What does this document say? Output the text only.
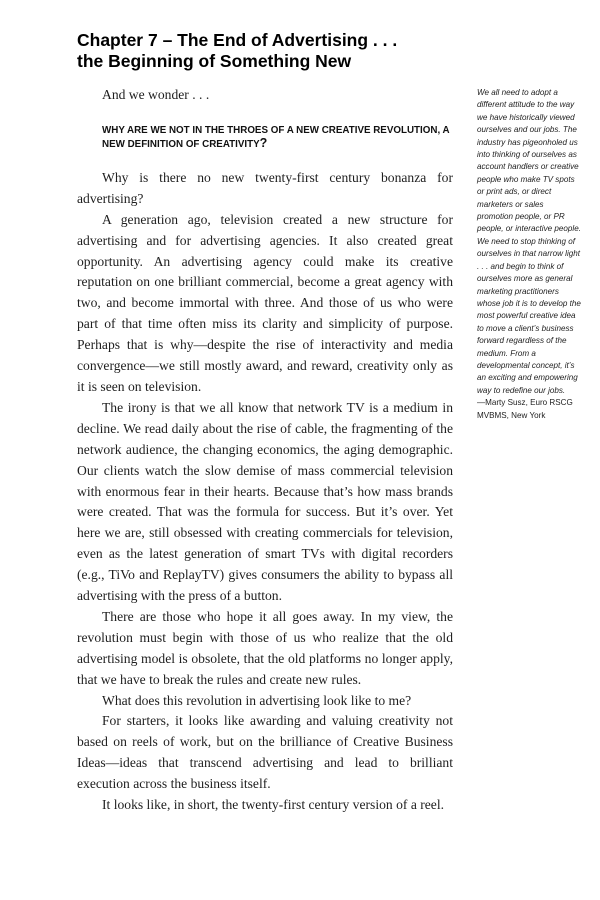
Chapter 7 – The End of Advertising . . .
the Beginning of Something New

And we wonder . . .

WHY ARE WE NOT IN THE THROES OF A NEW CREATIVE REVOLUTION, A NEW DEFINITION OF CREATIVITY?

Why is there no new twenty-first century bonanza for advertising?

A generation ago, television created a new structure for advertising and for advertising agencies. It also created great opportunity. An advertising agency could make its creative reputation on one brilliant commercial, become a great agency with two, and become immortal with three. And those of us who were part of that time often miss its clarity and simplicity of purpose. Perhaps that is why—despite the rise of interactivity and media convergence—we still mostly award, and reward, creativity only as it is seen on television.

The irony is that we all know that network TV is a medium in decline. We read daily about the rise of cable, the fragmenting of the network audience, the changing economics, the aging demographic. Our clients watch the slow demise of mass commercial television with enormous fear in their hearts. Because that’s how mass brands were created. That was the formula for success. But it’s over. Yet here we are, still obsessed with creating commercials for television, even as the latest generation of smart TVs with digital recorders (e.g., TiVo and ReplayTV) gives consumers the ability to bypass all advertising with the press of a button.

There are those who hope it all goes away. In my view, the revolution must begin with those of us who realize that the old advertising model is obsolete, that the old platforms no longer apply, that we have to break the rules and create new rules.

What does this revolution in advertising look like to me?

For starters, it looks like awarding and valuing creativity not based on reels of work, but on the brilliance of Creative Business Ideas—ideas that transcend advertising and lead to brilliant execution across the business itself.

It looks like, in short, the twenty-first century version of a reel.

We all need to adopt a different attitude to the way we have historically viewed ourselves and our jobs. The industry has pigeonholed us into thinking of ourselves as account handlers or creative people who make TV spots or print ads, or direct marketers or sales promotion people, or PR people, or interactive people. We need to stop thinking of ourselves in that narrow light . . . and begin to think of ourselves more as general marketing practitioners whose job it is to develop the most powerful creative idea to move a client’s business forward regardless of the medium. From a developmental concept, it’s an exciting and empowering way to redefine our jobs.

—Marty Susz, Euro RSCG MVBMS, New York
